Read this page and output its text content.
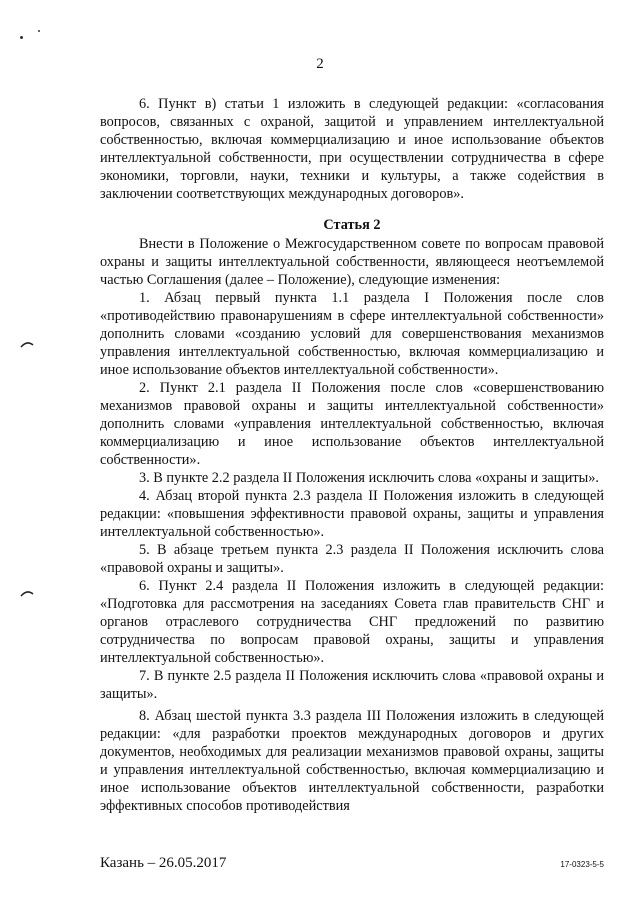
2

6. Пункт в) статьи 1 изложить в следующей редакции: «согласования вопросов, связанных с охраной, защитой и управлением интеллектуальной собственностью, включая коммерциализацию и иное использование объектов интеллектуальной собственности, при осуществлении сотрудничества в сфере экономики, торговли, науки, техники и культуры, а также содействия в заключении соответствующих международных договоров».

Статья 2

Внести в Положение о Межгосударственном совете по вопросам правовой охраны и защиты интеллектуальной собственности, являющееся неотъемлемой частью Соглашения (далее – Положение), следующие изменения:

1. Абзац первый пункта 1.1 раздела I Положения после слов «противодействию правонарушениям в сфере интеллектуальной собственности» дополнить словами «созданию условий для совершенствования механизмов управления интеллектуальной собственностью, включая коммерциализацию и иное использование объектов интеллектуальной собственности».

2. Пункт 2.1 раздела II Положения после слов «совершенствованию механизмов правовой охраны и защиты интеллектуальной собственности» дополнить словами «управления интеллектуальной собственностью, включая коммерциализацию и иное использование объектов интеллектуальной собственности».

3. В пункте 2.2 раздела II Положения исключить слова «охраны и защиты».

4. Абзац второй пункта 2.3 раздела II Положения изложить в следующей редакции: «повышения эффективности правовой охраны, защиты и управления интеллектуальной собственностью».

5. В абзаце третьем пункта 2.3 раздела II Положения исключить слова «правовой охраны и защиты».

6. Пункт 2.4 раздела II Положения изложить в следующей редакции: «Подготовка для рассмотрения на заседаниях Совета глав правительств СНГ и органов отраслевого сотрудничества СНГ предложений по развитию сотрудничества по вопросам правовой охраны, защиты и управления интеллектуальной собственностью».

7. В пункте 2.5 раздела II Положения исключить слова «правовой охраны и защиты».

8. Абзац шестой пункта 3.3 раздела III Положения изложить в следующей редакции: «для разработки проектов международных договоров и других документов, необходимых для реализации механизмов правовой охраны, защиты и управления интеллектуальной собственностью, включая коммерциализацию и иное использование объектов интеллектуальной собственности, разработки эффективных способов противодействия

Казань – 26.05.2017	17-0323-5-5
